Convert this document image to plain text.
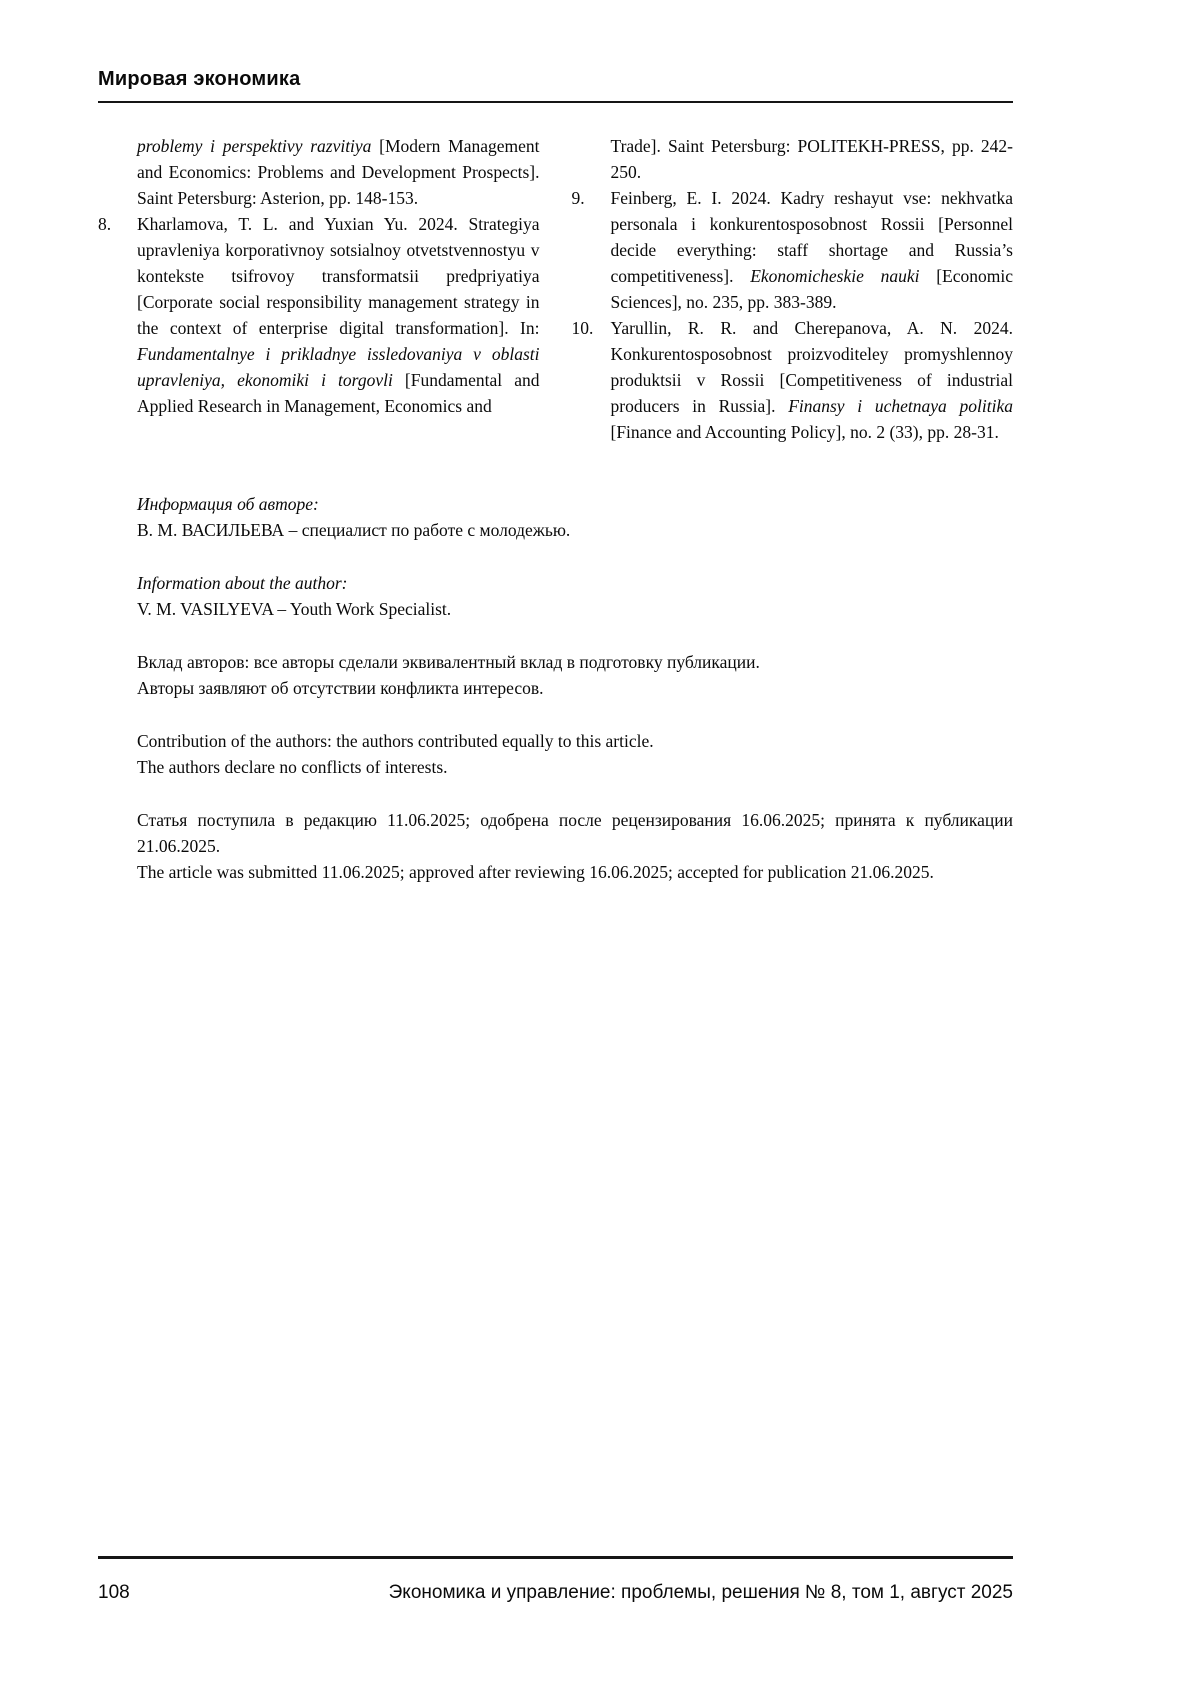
Мировая экономика

problemy i perspektivy razvitiya [Modern Management and Economics: Problems and Development Prospects]. Saint Petersburg: Asterion, pp. 148-153.

8.	Kharlamova, T. L. and Yuxian Yu. 2024. Strategiya upravleniya korporativnoy sotsialnoy otvetstvennostyu v kontekste tsifrovoy transformatsii predpriyatiya [Corporate social responsibility management strategy in the context of enterprise digital transformation]. In: Fundamentalnye i prikladnye issledovaniya v oblasti upravleniya, ekonomiki i torgovli [Fundamental and Applied Research in Management, Economics and

Trade]. Saint Petersburg: POLITEKH-PRESS, pp. 242-250.

9.	Feinberg, E. I. 2024. Kadry reshayut vse: nekhvatka personala i konkurentosposobnost Rossii [Personnel decide everything: staff shortage and Russia’s competitiveness]. Ekonomicheskie nauki [Economic Sciences], no. 235, pp. 383-389.

10. Yarullin, R. R. and Cherepanova, A. N. 2024. Konkurentosposobnost proizvoditeley promyshlennoy produktsii v Rossii [Competitiveness of industrial producers in Russia]. Finansy i uchetnaya politika [Finance and Accounting Policy], no. 2 (33), pp. 28-31.

Информация об авторе:

В. М. ВАСИЛЬЕВА – специалист по работе с молодежью.

Information about the author:

V. M. VASILYEVA – Youth Work Specialist.

Вклад авторов: все авторы сделали эквивалентный вклад в подготовку публикации.

Авторы заявляют об отсутствии конфликта интересов.

Contribution of the authors: the authors contributed equally to this article.

The authors declare no conflicts of interests.

Статья поступила в редакцию 11.06.2025; одобрена после рецензирования 16.06.2025; принята к публикации 21.06.2025.

The article was submitted 11.06.2025; approved after reviewing 16.06.2025; accepted for publication 21.06.2025.

108	Экономика и управление: проблемы, решения № 8, том 1, август 2025
